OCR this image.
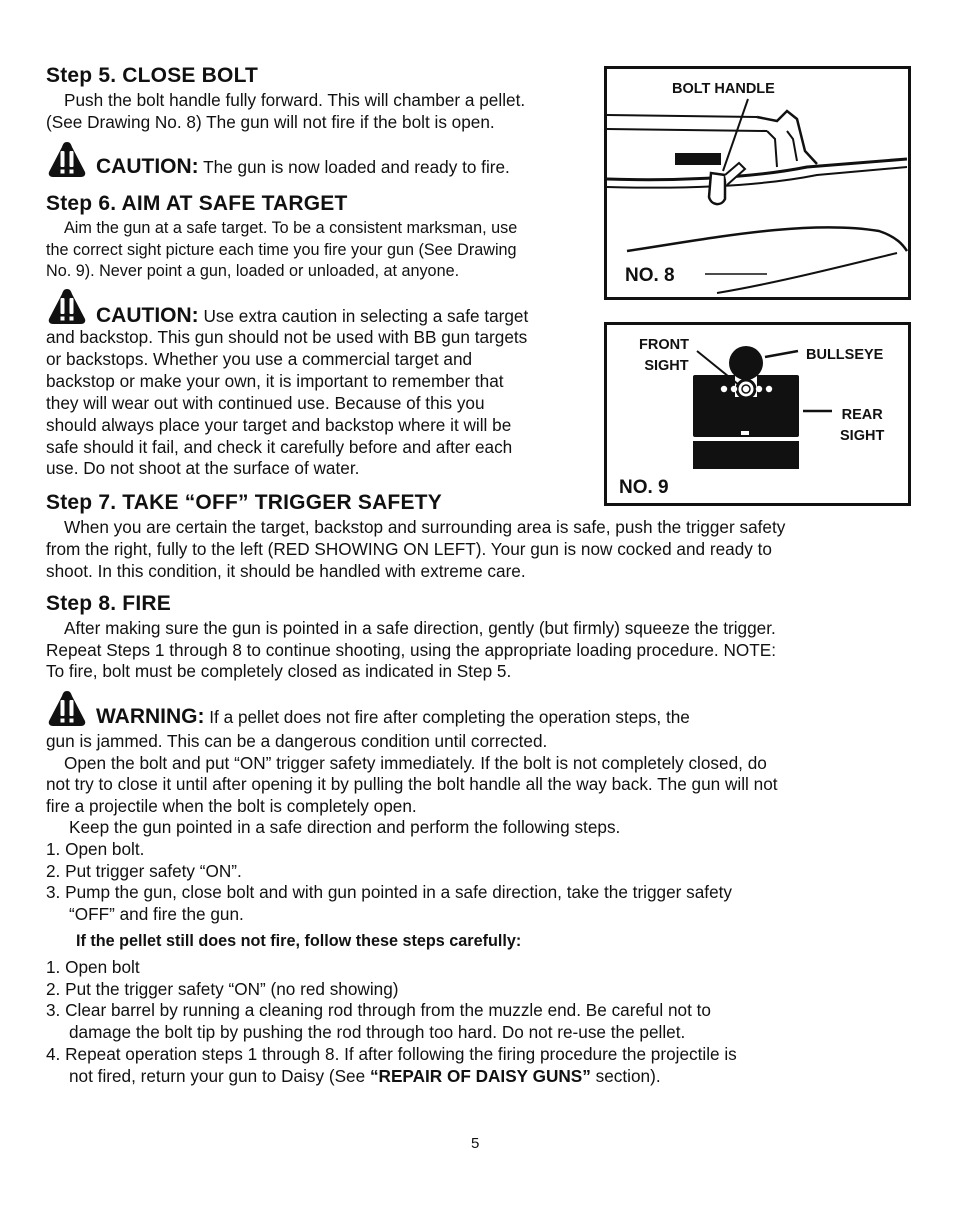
Step 5. CLOSE BOLT
Push the bolt handle fully forward. This will chamber a pellet.
(See Drawing No. 8) The gun will not fire if the bolt is open.
CAUTION: The gun is now loaded and ready to fire.
Step 6. AIM AT SAFE TARGET
Aim the gun at a safe target. To be a consistent marksman, use
the correct sight picture each time you fire your gun (See Drawing
No. 9). Never point a gun, loaded or unloaded, at anyone.
CAUTION: Use extra caution in selecting a safe target
and backstop. This gun should not be used with BB gun targets
or backstops. Whether you use a commercial target and
backstop or make your own, it is important to remember that
they will wear out with continued use. Because of this you
should always place your target and backstop where it will be
safe should it fail, and check it carefully before and after each
use. Do not shoot at the surface of water.
Step 7. TAKE “OFF” TRIGGER SAFETY
When you are certain the target, backstop and surrounding area is safe, push the trigger safety
from the right, fully to the left (RED SHOWING ON LEFT). Your gun is now cocked and ready to
shoot. In this condition, it should be handled with extreme care.
Step 8. FIRE
After making sure the gun is pointed in a safe direction, gently (but firmly) squeeze the trigger.
Repeat Steps 1 through 8 to continue shooting, using the appropriate loading procedure. NOTE:
To fire, bolt must be completely closed as indicated in Step 5.
WARNING: If a pellet does not fire after completing the operation steps, the
gun is jammed. This can be a dangerous condition until corrected.
Open the bolt and put “ON” trigger safety immediately. If the bolt is not completely closed, do
not try to close it until after opening it by pulling the bolt handle all the way back. The gun will not
fire a projectile when the bolt is completely open.
Keep the gun pointed in a safe direction and perform the following steps.
1. Open bolt.
2. Put trigger safety “ON”.
3. Pump the gun, close bolt and with gun pointed in a safe direction, take the trigger safety
“OFF” and fire the gun.
If the pellet still does not fire, follow these steps carefully:
1. Open bolt
2. Put the trigger safety “ON” (no red showing)
3. Clear barrel by running a cleaning rod through from the muzzle end. Be careful not to
damage the bolt tip by pushing the rod through too hard. Do not re-use the pellet.
4. Repeat operation steps 1 through 8. If after following the firing procedure the projectile is
not fired, return your gun to Daisy (See “REPAIR OF DAISY GUNS” section).
BOLT HANDLE
NO. 8
FRONT
SIGHT
BULLSEYE
REAR
SIGHT
NO. 9
5
